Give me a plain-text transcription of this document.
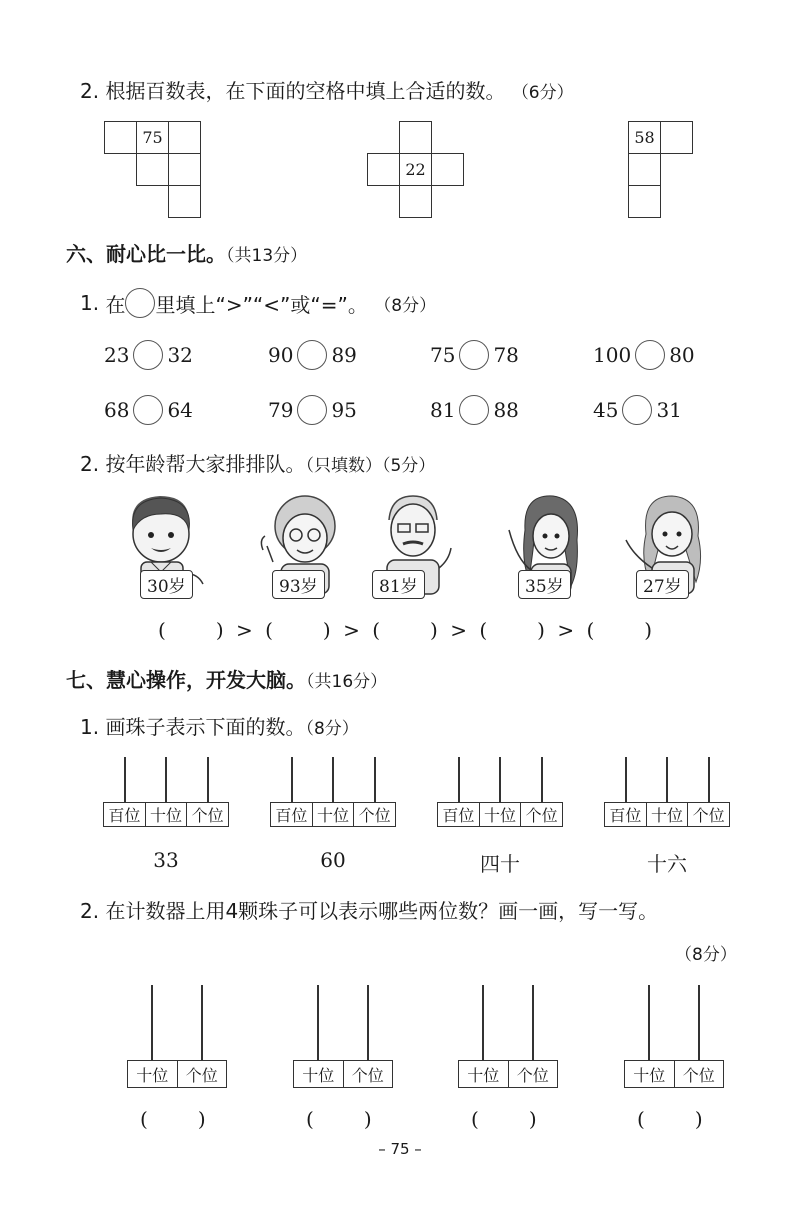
2. 根据百数表，在下面的空格中填上合适的数。 （6分）
75
22
58
六、耐心比一比。（共13分）
1.
在 里填上“>”“<”或“=”。
（8分）
23 32	90 89	75 78	100 80
68 64	79 95	81 88	45 31
2. 按年龄帮大家排排队。（只填数）（5分）
30岁	93岁	81岁	35岁	27岁
(	) > (	) > (	) > (	) > (	)
七、慧心操作，开发大脑。（共16分）
1. 画珠子表示下面的数。（8分）
百位 十位 个位
33
百位 十位 个位
60
百位 十位 个位
四十
百位 十位 个位
十六
2. 在计数器上用4颗珠子可以表示哪些两位数？画一画，写一写。
（8分）
十位	个位
(	)
十位	个位
(	)
十位	个位
(	)
十位	个位
(	)
– 75 –
